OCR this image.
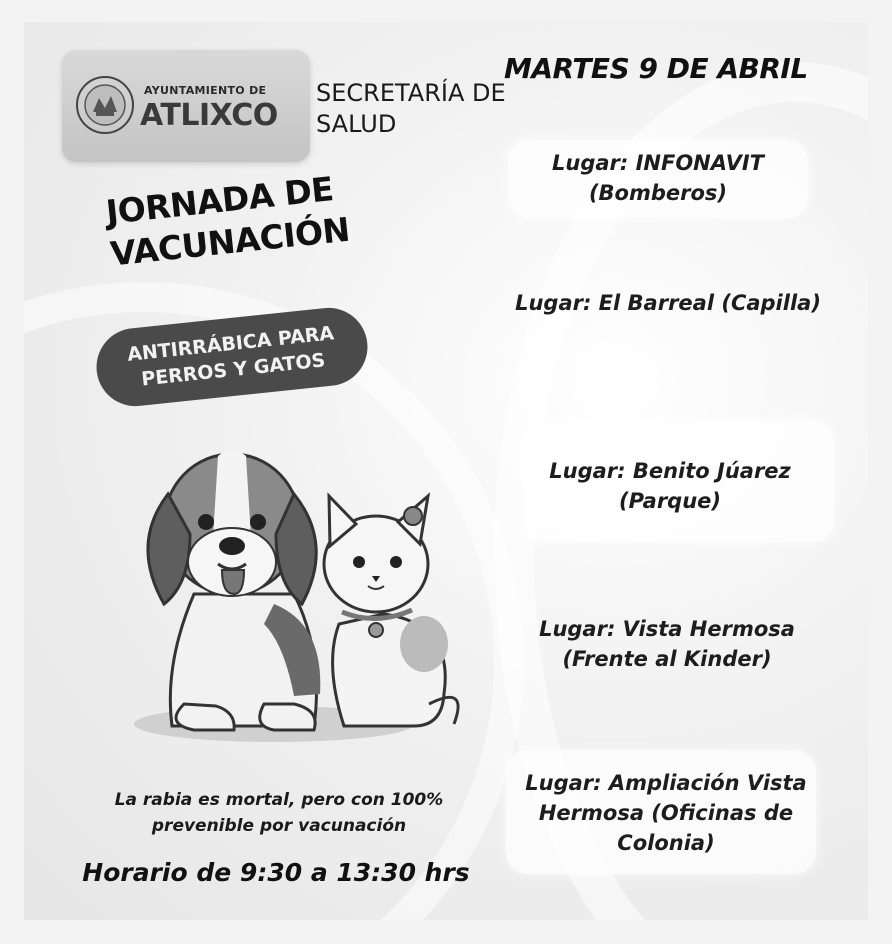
AYUNTAMIENTO DE
ATLIXCO
SECRETARÍA DE SALUD
MARTES 9 DE ABRIL
JORNADA DE VACUNACIÓN
ANTIRRÁBICA PARA PERROS Y GATOS
Lugar: INFONAVIT (Bomberos)
Lugar: El Barreal (Capilla)
Lugar: Benito Júarez (Parque)
Lugar: Vista Hermosa (Frente al Kinder)
Lugar: Ampliación Vista Hermosa (Oficinas de Colonia)
La rabia es mortal, pero con 100% prevenible por vacunación
Horario de 9:30 a 13:30 hrs
